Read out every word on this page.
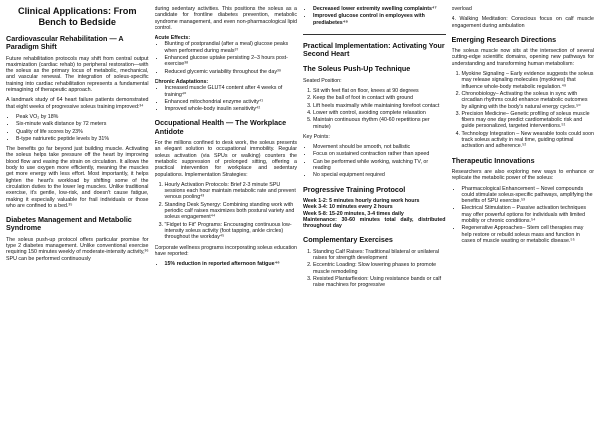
Clinical Applications: From Bench to Bedside
Cardiovascular Rehabilitation — A Paradigm Shift

Future rehabilitation protocols may shift from central output maximization (cardiac rehab) to peripheral restoration—with the soleus as the primary locus of metabolic, mechanical, and vascular renewal. The integration of soleus-specific training into cardiac rehabilitation represents a fundamental reimagining of therapeutic approach.

A landmark study of 64 heart failure patients demonstrated that eight weeks of progressive soleus training improved:³⁴

• Peak VO₂ by 18%
• Six-minute walk distance by 72 meters
• Quality of life scores by 23%
• B-type natriuretic peptide levels by 31%

The benefits go far beyond just building muscle. Activating the soleus helps take pressure off the heart by improving blood flow and easing the strain on circulation. It allows the body to use oxygen more efficiently, meaning the muscles get more energy with less effort. Most importantly, it helps lighten the heart's workload by shifting some of the circulation duties to the lower leg muscles. Unlike traditional exercise, it's gentle, low-risk, and doesn't cause fatigue, making it especially valuable for frail individuals or those who are confined to a bed.³⁵

Diabetes Management and Metabolic Syndrome

The soleus push-up protocol offers particular promise for type 2 diabetes management. Unlike conventional exercise requiring 150 minutes weekly of moderate-intensity activity,³⁶ SPU can be performed continuously

during sedentary activities. This positions the soleus as a candidate for frontline diabetes prevention, metabolic syndrome management, and even non-pharmacological lipid control.

Acute Effects:
• Blunting of postprandial (after a meal) glucose peaks when performed during meals³⁷
• Enhanced glucose uptake persisting 2–3 hours post-exercise³⁸
• Reduced glycemic variability throughout the day³⁹
Chronic Adaptations:
• Increased muscle GLUT4 content after 4 weeks of training⁴⁰
• Enhanced mitochondrial enzyme activity⁴¹
• Improved whole-body insulin sensitivity⁴²
Occupational Health — The Workplace Antidote

For the millions confined to desk work, the soleus presents an elegant solution to occupational immobility. Regular soleus activation (via SPUs or walking) counters the metabolic suppression of prolonged sitting, offering a practical intervention for workplace and sedentary populations. Implementation Strategies:

1. Hourly Activation Protocols: Brief 2-3 minute SPU sessions each hour maintain metabolic rate and prevent venous pooling⁴³
2. Standing Desk Synergy: Combining standing work with periodic calf raises maximizes both postural variety and soleus engagement⁴⁴
3. "Fidget to Fit" Programs: Encouraging continuous low-intensity soleus activity (foot tapping, ankle circles) throughout the workday⁴⁵

Corporate wellness programs incorporating soleus education have reported:

• 15% reduction in reported afternoon fatigue⁴⁶
• Decreased lower extremity swelling complaints⁴⁷
• Improved glucose control in employees with prediabetes⁴⁸
Practical Implementation: Activating Your Second Heart
The Soleus Push-Up Technique

Seated Position:

1. Sit with feet flat on floor, knees at 90 degrees
2. Keep the ball of foot in contact with ground
3. Lift heels maximally while maintaining forefoot contact
4. Lower with control, avoiding complete relaxation
5. Maintain continuous rhythm (40-60 repetitions per minute)

Key Points:

• Movement should be smooth, not ballistic
• Focus on sustained contraction rather than speed
• Can be performed while working, watching TV, or reading
• No special equipment required
Progressive Training Protocol

Week 1-2: 5 minutes hourly during work hours

Week 3-4: 10 minutes every 2 hours

Week 5-8: 15-20 minutes, 3-4 times daily

Maintenance: 30-60 minutes total daily, distributed throughout day

Complementary Exercises
1. Standing Calf Raises: Traditional bilateral or unilateral raises for strength development
2. Eccentric Loading: Slow lowering phases to promote muscle remodeling
3. Resisted Plantarflexion: Using resistance bands or calf raise machines for progressive

overload

4. Walking Meditation: Conscious focus on calf muscle engagement during ambulation

Emerging Research Directions

The soleus muscle now sits at the intersection of several cutting-edge scientific domains, opening new pathways for understanding and transforming human metabolism:

1. Myokine Signaling – Early evidence suggests the soleus may release signaling molecules (myokines) that influence whole-body metabolic regulation.⁴⁹
2. Chronobiology– Activating the soleus in sync with circadian rhythms could enhance metabolic outcomes by aligning with the body's natural energy cycles.⁵⁰
3. Precision Medicine– Genetic profiling of soleus muscle fibers may one day predict cardiometabolic risk and guide personalized, targeted interventions.⁵¹
4. Technology Integration – New wearable tools could soon track soleus activity in real time, guiding optimal activation and adherence.⁵²
Therapeutic Innovations

Researchers are also exploring new ways to enhance or replicate the metabolic power of the soleus:

• Pharmacological Enhancement – Novel compounds could stimulate soleus-specific pathways, amplifying the benefits of SPU exercise.⁵³
• Electrical Stimulation – Passive activation techniques may offer powerful options for individuals with limited mobility or chronic conditions.⁵⁴
• Regenerative Approaches– Stem cell therapies may help restore or rebuild soleus mass and function in cases of muscle wasting or metabolic disease.⁵⁵
